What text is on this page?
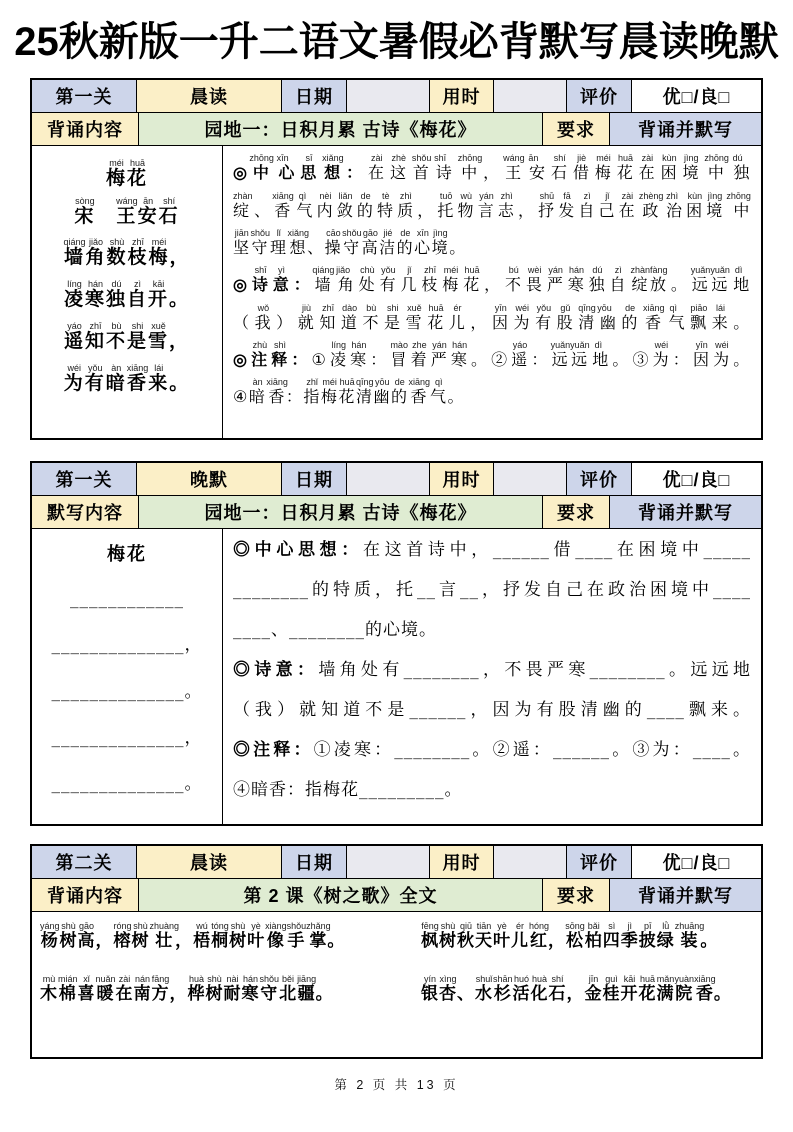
25秋新版一升二语文暑假必背默写晨读晚默
第一关	晨读	日期	用时	评价	优□/良□
背诵内容	园地一：日积月累 古诗《梅花》	要求	背诵并默写
梅méi花huā
宋sòng　王wáng安ān石shí
墙qiáng角jiǎo数shù枝zhī梅méi，
凌líng寒hán独dú自zì开kāi。
遥yáo知zhī不bù是shi雪xuě，
为wéi有yǒu暗àn香xiāng来lái。
◎中zhōng心xīn思sī想xiǎng：在zài这zhè首shǒu诗shī中zhōng，王wáng安ān石shí借jiè梅méi花huā在zài困kùn境jìng中zhōng独dú
绽zhàn、香xiāng气qì内nèi敛liǎn的de特tè质zhì，托tuō物wù言yán志zhì，抒shū发fā自zì己jǐ在zài政zhèng治zhì困kùn境jìng中zhōng
坚jiān守shǒu理lǐ想xiǎng、操cāo守shǒu高gāo洁jié的de心xīn境jìng。
◎诗shī意yì：墙qiáng角jiǎo处chù有yǒu几jǐ枝zhī梅méi花huā，不bú畏wèi严yán寒hán独dú自zì绽zhàn放fàng。远yuǎn远yuǎn地dì
（我wǒ）就jiù知zhī道dào不bù是shi雪xuě花huā儿ér，因yīn为wéi有yǒu股gǔ清qīng幽yōu的de香xiāng气qì飘piāo来lái。
◎注zhù释shì：①凌líng寒hán：冒mào着zhe严yán寒hán。②遥yáo：远yuǎn远yuǎn地dì。③为wéi：因yīn为wéi。
④暗àn香xiāng：指zhǐ梅méi花huā清qīng幽yōu的de香xiāng气qì。
第一关	晚默	日期	用时	评价	优□/良□
默写内容	园地一：日积月累 古诗《梅花》	要求	背诵并默写
梅花
____________
______________，
______________。
______________，
______________。
◎中心思想：在这首诗中，______借____在困境中_____
________的特质，托__言__，抒发自己在政治困境中____
____、________的心境。
◎诗意：墙角处有________，不畏严寒________。远远地
（我）就知道不是______，因为有股清幽的____飘来。
◎注释：①凌寒：________。②遥：______。③为：____。
④暗香：指梅花_________。
第二关	晨读	日期	用时	评价	优□/良□
背诵内容	第 2 课《树之歌》全文	要求	背诵并默写
杨yáng树shù高gāo，榕róng树shù壮zhuàng，梧wú桐tóng树shù叶yè像xiàng手shǒu掌zhǎng。
木mù棉mián喜xǐ暖nuǎn在zài南nán方fāng，桦huà树shù耐nài寒hán守shǒu北běi疆jiāng。
枫fēng树shù秋qiū天tiān叶yè儿ér红hóng，松sōng柏bǎi四sì季jì披pī绿lǜ装zhuāng。
银yín杏xìng、水shuǐ杉shān活huó化huà石shí，金jīn桂guì开kāi花huā满mǎn院yuàn香xiāng。
第 2 页 共 13 页
